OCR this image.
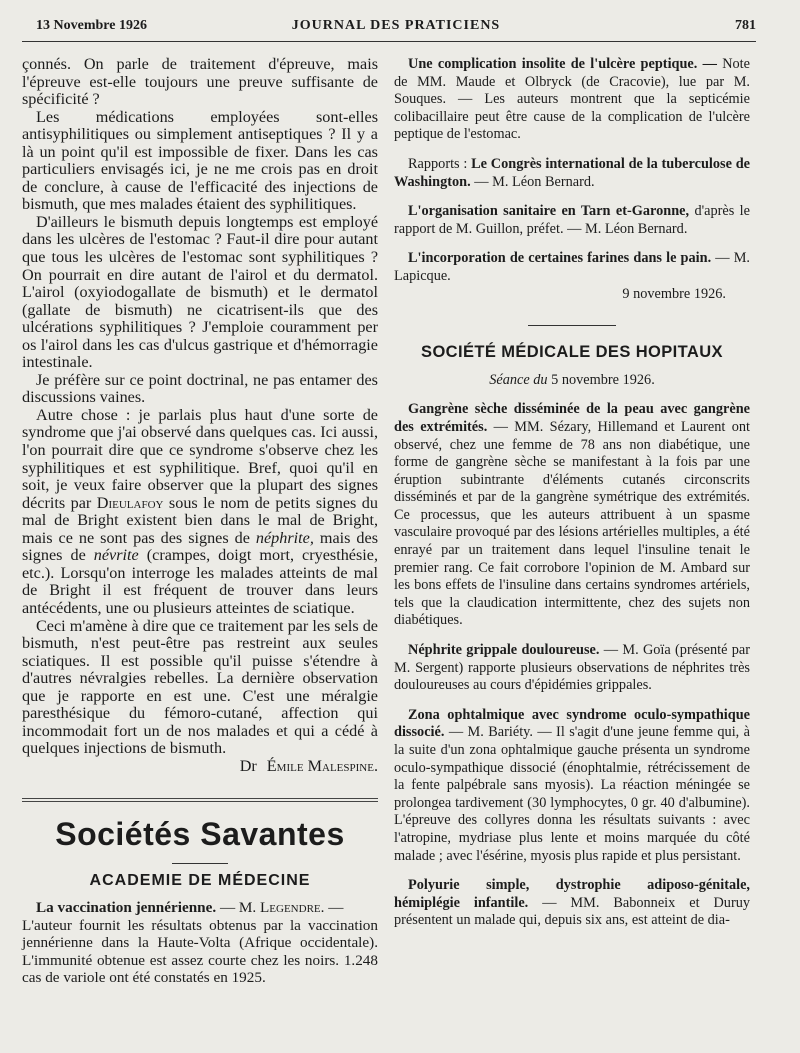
13 Novembre 1926	JOURNAL DES PRATICIENS	781

çonnés. On parle de traitement d'épreuve, mais l'épreuve est-elle toujours une preuve suffisante de spécificité ?

Les médications employées sont-elles antisyphilitiques ou simplement antiseptiques ? Il y a là un point qu'il est impossible de fixer. Dans les cas particuliers envisagés ici, je ne me crois pas en droit de conclure, à cause de l'efficacité des injections de bismuth, que mes malades étaient des syphilitiques.

D'ailleurs le bismuth depuis longtemps est employé dans les ulcères de l'estomac ? Faut-il dire pour autant que tous les ulcères de l'estomac sont syphilitiques ? On pourrait en dire autant de l'airol et du dermatol. L'airol (oxyiodogallate de bismuth) et le dermatol (gallate de bismuth) ne cicatrisent-ils que des ulcérations syphilitiques ? J'emploie couramment per os l'airol dans les cas d'ulcus gastrique et d'hémorragie intestinale.

Je préfère sur ce point doctrinal, ne pas entamer des discussions vaines.

Autre chose : je parlais plus haut d'une sorte de syndrome que j'ai observé dans quelques cas. Ici aussi, l'on pourrait dire que ce syndrome s'observe chez les syphilitiques et est syphilitique. Bref, quoi qu'il en soit, je veux faire observer que la plupart des signes décrits par Dieulafoy sous le nom de petits signes du mal de Bright existent bien dans le mal de Bright, mais ce ne sont pas des signes de néphrite, mais des signes de névrite (crampes, doigt mort, cryesthésie, etc.). Lorsqu'on interroge les malades atteints de mal de Bright il est fréquent de trouver dans leurs antécédents, une ou plusieurs atteintes de sciatique.

Ceci m'amène à dire que ce traitement par les sels de bismuth, n'est peut-être pas restreint aux seules sciatiques. Il est possible qu'il puisse s'étendre à d'autres névralgies rebelles. La dernière observation que je rapporte en est une. C'est une méralgie paresthésique du fémoro-cutané, affection qui incommodait fort un de nos malades et qui a cédé à quelques injections de bismuth.

Dr Émile Malespine.

Sociétés Savantes
ACADEMIE DE MÉDECINE

La vaccination jennérienne. — M. Legendre. —

L'auteur fournit les résultats obtenus par la vaccination jennérienne dans la Haute-Volta (Afrique occidentale). L'immunité obtenue est assez courte chez les noirs. 1.248 cas de variole ont été constatés en 1925.

Une complication insolite de l'ulcère peptique. — Note de MM. Maude et Olbryck (de Cracovie), lue par M. Souques. — Les auteurs montrent que la septicémie colibacillaire peut être cause de la complication de l'ulcère peptique de l'estomac.

Rapports : Le Congrès international de la tuberculose de Washington. — M. Léon Bernard.

L'organisation sanitaire en Tarn et-Garonne, d'après le rapport de M. Guillon, préfet. — M. Léon Bernard.

L'incorporation de certaines farines dans le pain. — M. Lapicque.

9 novembre 1926.

SOCIÉTÉ MÉDICALE DES HOPITAUX
Séance du 5 novembre 1926.

Gangrène sèche disséminée de la peau avec gangrène des extrémités. — MM. Sézary, Hillemand et Laurent ont observé, chez une femme de 78 ans non diabétique, une forme de gangrène sèche se manifestant à la fois par une éruption subintrante d'éléments cutanés circonscrits disséminés et par de la gangrène symétrique des extrémités. Ce processus, que les auteurs attribuent à un spasme vasculaire provoqué par des lésions artérielles multiples, a été enrayé par un traitement dans lequel l'insuline tenait le premier rang. Ce fait corrobore l'opinion de M. Ambard sur les bons effets de l'insuline dans certains syndromes artériels, tels que la claudication intermittente, chez des sujets non diabétiques.

Néphrite grippale douloureuse. — M. Goïa (présenté par M. Sergent) rapporte plusieurs observations de néphrites très douloureuses au cours d'épidémies grippales.

Zona ophtalmique avec syndrome oculo-sympathique dissocié. — M. Bariéty. — Il s'agit d'une jeune femme qui, à la suite d'un zona ophtalmique gauche présenta un syndrome oculo-sympathique dissocié (énophtalmie, rétrécissement de la fente palpébrale sans myosis). La réaction méningée se prolongea tardivement (30 lymphocytes, 0 gr. 40 d'albumine). L'épreuve des collyres donna les résultats suivants : avec l'atropine, mydriase plus lente et moins marquée du côté malade ; avec l'ésérine, myosis plus rapide et plus persistant.

Polyurie simple, dystrophie adiposo-génitale, hémiplégie infantile. — MM. Babonneix et Duruy présentent un malade qui, depuis six ans, est atteint de dia-
